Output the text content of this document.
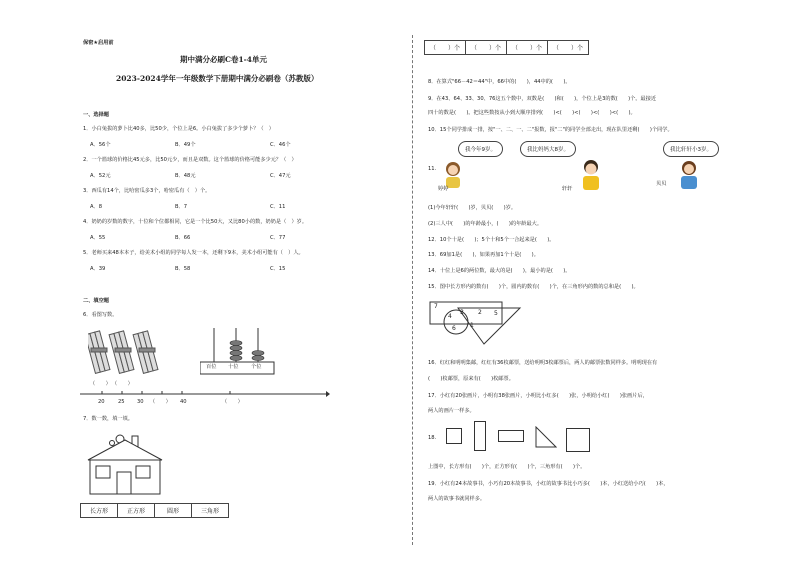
保密★启用前
期中满分必刷C卷1-4单元
2023-2024学年一年级数学下册期中满分必刷卷（苏教版）
一、选择题
1．小白兔拔的萝卜比40多，比50少，个位上是6。小白兔拔了多少个萝卜？（　）
A．56个	B．49个	C．46个
2．一个篮球的价格比45元多，比50元少，而且是双数。这个篮球的价格可能多少元？（　）
A．52元	B．48元	C．47元
3．西瓜有14个，比哈密瓜多3个，哈密瓜有（　）个。
A．8	B．7	C．11
4．奶奶的岁数的数字，十位和个位都相同，它是一个比50大，又比80小的数，奶奶是（　）岁。
A．55	B．66	C．77
5．老师买来48本本子，给美术小组的同学每人发一本，还剩下9本，美术小组可能有（　）人。
A．39	B．58	C．15
二、填空题
6．看图写数。
（　　） （　　）
百位 十位 个位
20	25 30 （　　） 40	（　　）
7．数一数，填一填。
长方形	正方形	圆形	三角形
（　　）个	（　　）个	（　　）个	（　　）个
8．在算式"66－42＝44"中，66中的(　　)，44中的(　　)。
9．在43、64、33、30、76这五个数中，双数是(　　)和(　　)，个位上是3的数(　　)个。最接近
四十的数是(　　)。把这些数按从小到大顺序排列(　　)<(　　)<(　　)<(　　)<(　　)。
10．15个同学排成一排，按"一、二、一、二"报数，报"二"的同学全部走出，现在队里还剩(　　)个同学。
11.
我今年9岁。	我比妈妈大8岁。	我比轩轩小3岁。
婷婷	轩轩
贝贝
(1)今年轩轩(　　)岁，贝贝(　　)岁。
(2)三人中(　　)的年龄最小，(　　)的年龄最大。
12．10个十是(　　)；5个十和5个一合起来是(　　)。
13．69加1是(　　)，如果再加1个十是(　　)。
14．十位上是6的两位数，最大的是(　　)，最小的是(　　)。
15．图中长方形内的数有(　　)个，圆内的数有(　　)个，在三角形内的数的总和是(　　)。
7
4
3 2 5
6 1
16．红红和明明集邮，红红有36枚邮票，送给明明3枚邮票后，两人的邮票张数同样多。明明现在有
(　　)枚邮票，原来有(　　)枚邮票。
17．小红有20张画片，小明有38张画片，小明比小红多(　　)张，小明给小红(　　)张画片后，
两人的画片一样多。
18.
上图中，长方形有(　　)个，正方形有(　　)个，三角形有(　　)个。
19．小红有24本故事书，小巧有20本故事书，小红的故事书比小巧多(　　)本，小红送给小巧(　　)本，
两人的故事书就同样多。
